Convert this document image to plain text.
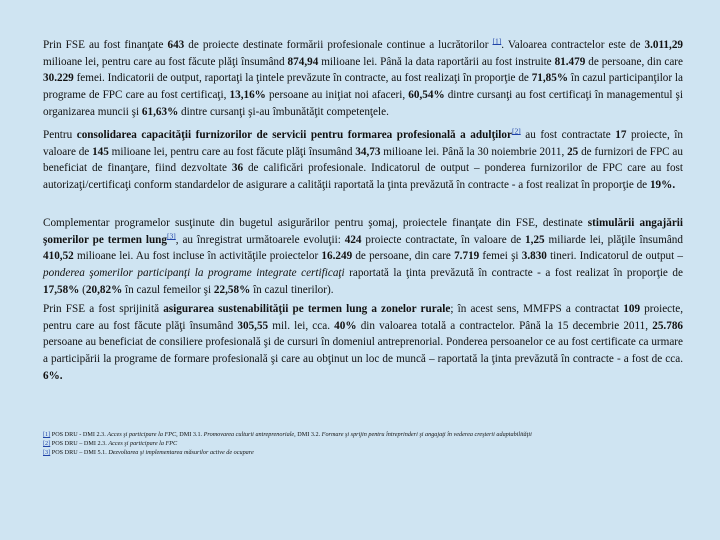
Prin FSE au fost finanţate 643 de proiecte destinate formării profesionale continue a lucrătorilor [1]. Valoarea contractelor este de 3.011,29 milioane lei, pentru care au fost făcute plăţi însumând 874,94 milioane lei. Până la data raportării au fost instruite 81.479 de persoane, din care 30.229 femei. Indicatorii de output, raportaţi la ţintele prevăzute în contracte, au fost realizaţi în proporţie de 71,85% în cazul participanţilor la programe de FPC care au fost certificaţi, 13,16% persoane au iniţiat noi afaceri, 60,54% dintre cursanţi au fost certificaţi în managementul şi organizarea muncii şi 61,63% dintre cursanţi şi-au îmbunătăţit competenţele.

Pentru consolidarea capacităţii furnizorilor de servicii pentru formarea profesională a adulţilor[2] au fost contractate 17 proiecte, în valoare de 145 milioane lei, pentru care au fost făcute plăţi însumând 34,73 milioane lei. Până la 30 noiembrie 2011, 25 de furnizori de FPC au beneficiat de finanţare, fiind dezvoltate 36 de calificări profesionale. Indicatorul de output – ponderea furnizorilor de FPC care au fost autorizaţi/certificaţi conform standardelor de asigurare a calităţii raportată la ţinta prevăzută în contracte - a fost realizat în proporţie de 19%.

Complementar programelor susţinute din bugetul asigurărilor pentru şomaj, proiectele finanţate din FSE, destinate stimulării angajării şomerilor pe termen lung[3], au înregistrat următoarele evoluţii: 424 proiecte contractate, în valoare de 1,25 miliarde lei, plăţile însumând 410,52 milioane lei. Au fost incluse în activităţile proiectelor 16.249 de persoane, din care 7.719 femei şi 3.830 tineri. Indicatorul de output – ponderea şomerilor participanţi la programe integrate certificaţi raportată la ţinta prevăzută în contracte - a fost realizat în proporţie de 17,58% (20,82% în cazul femeilor şi 22,58% în cazul tinerilor).

Prin FSE a fost sprijinită asigurarea sustenabilităţii pe termen lung a zonelor rurale; în acest sens, MMFPS a contractat 109 proiecte, pentru care au fost făcute plăţi însumând 305,55 mil. lei, cca. 40% din valoarea totală a contractelor. Până la 15 decembrie 2011, 25.786 persoane au beneficiat de consiliere profesională şi de cursuri în domeniul antreprenorial. Ponderea persoanelor ce au fost certificate ca urmare a participării la programe de formare profesională şi care au obţinut un loc de muncă – raportată la ţinta prevăzută în contracte - a fost de cca. 6%.

[1] POS DRU - DMI 2.3. Acces şi participare la FPC, DMI 3.1. Promovarea culturii antreprenoriale, DMI 3.2. Formare şi sprijin pentru întreprinderi şi angajaţi în vederea creşterii adaptabilităţii
[2] POS DRU – DMI 2.3. Acces şi participare la FPC
[3] POS DRU – DMI 5.1. Dezvoltarea şi implementarea măsurilor active de ocupare
